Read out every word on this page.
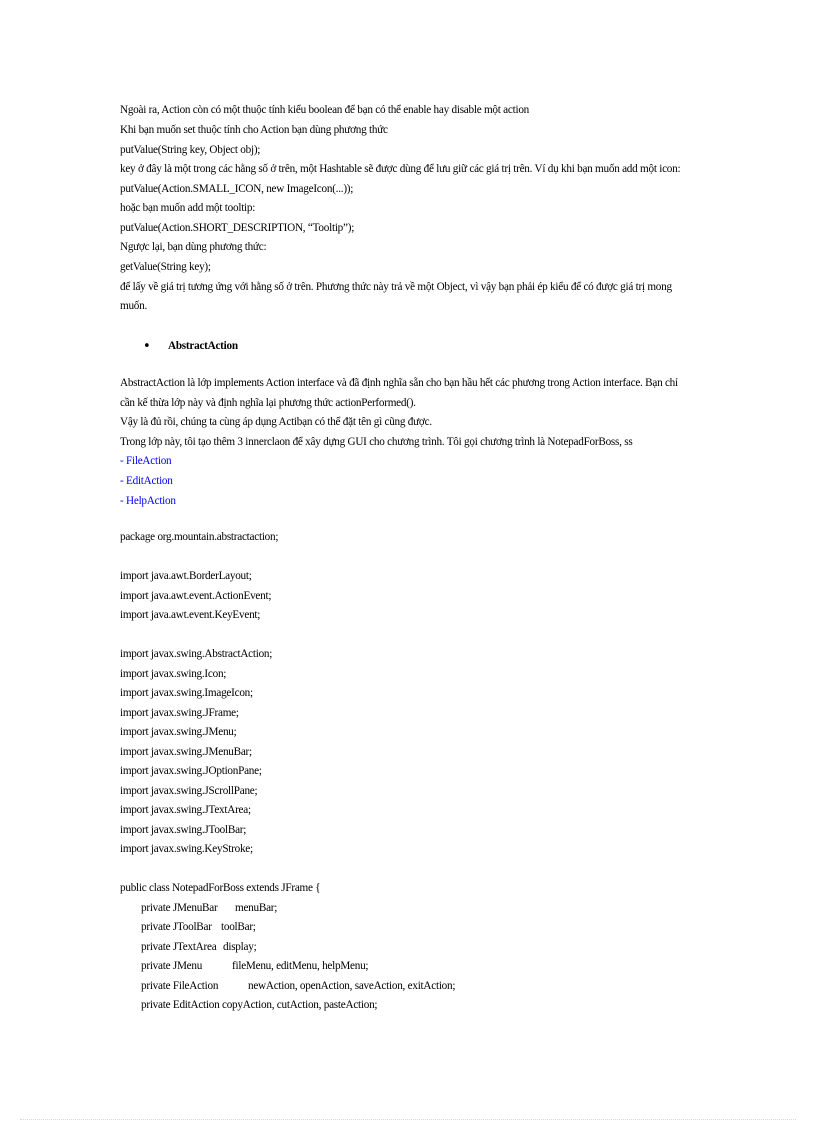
Ngoài ra, Action còn có một thuộc tính kiểu boolean để bạn có thể enable hay disable một action
Khi bạn muốn set thuộc tính cho Action bạn dùng phương thức
putValue(String key, Object obj);
key ở đây là một trong các hằng số ở trên, một Hashtable sẽ được dùng để lưu giữ các giá trị trên. Ví dụ khi bạn muốn add một icon:
putValue(Action.SMALL_ICON, new ImageIcon(...));
hoặc bạn muốn add một tooltip:
putValue(Action.SHORT_DESCRIPTION, “Tooltip”);
Ngược lại, bạn dùng phương thức:
getValue(String key);
để lấy về giá trị tương ứng với hằng số ở trên. Phương thức này trả về một Object, vì vậy bạn phải ép kiểu để có được giá trị mong
muốn.
• AbstractAction
AbstractAction là lớp implements Action interface và đã định nghĩa sẵn cho bạn hầu hết các phương trong Action interface. Bạn chỉ
cần kế thừa lớp này và định nghĩa lại phương thức actionPerformed().
Vậy là đủ rồi, chúng ta cùng áp dụng Actibạn có thể đặt tên gì cũng được.
Trong lớp này, tôi tạo thêm 3 innerclaon để xây dựng GUI cho chương trình. Tôi gọi chương trình là NotepadForBoss, ss
- FileAction
- EditAction
- HelpAction
package org.mountain.abstractaction;
import java.awt.BorderLayout;
import java.awt.event.ActionEvent;
import java.awt.event.KeyEvent;
import javax.swing.AbstractAction;
import javax.swing.Icon;
import javax.swing.ImageIcon;
import javax.swing.JFrame;
import javax.swing.JMenu;
import javax.swing.JMenuBar;
import javax.swing.JOptionPane;
import javax.swing.JScrollPane;
import javax.swing.JTextArea;
import javax.swing.JToolBar;
import javax.swing.KeyStroke;
public class NotepadForBoss extends JFrame {
private JMenuBar menuBar;
private JToolBar toolBar;
private JTextArea display;
private JMenu	fileMenu, editMenu, helpMenu;
private FileAction	newAction, openAction, saveAction, exitAction;
private EditAction copyAction, cutAction, pasteAction;
